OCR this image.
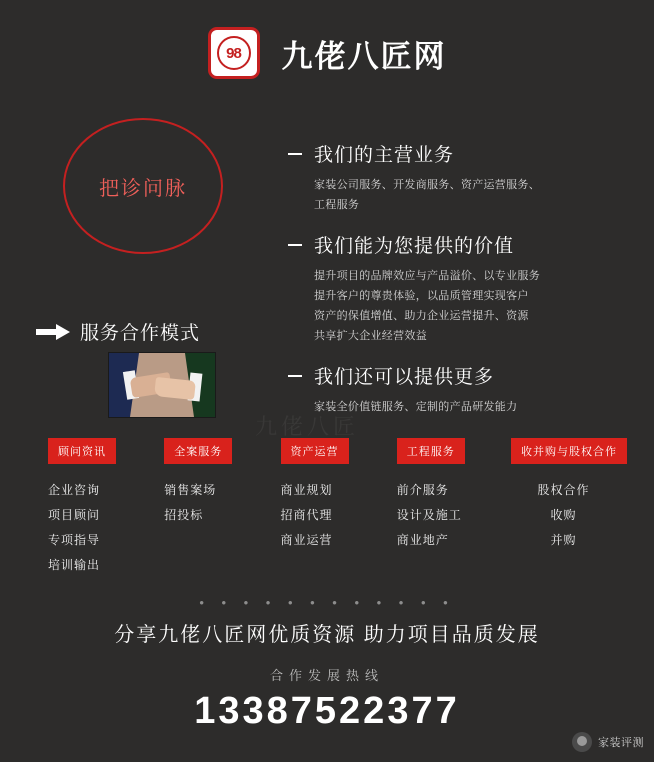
98	九佬八匠网
把诊问脉
服务合作模式
我们的主营业务

家装公司服务、开发商服务、资产运营服务、

工程服务

我们能为您提供的价值

提升项目的品牌效应与产品溢价、以专业服务

提升客户的尊贵体验，以品质管理实现客户

资产的保值增值、助力企业运营提升、资源

共享扩大企业经营效益

我们还可以提供更多

家装全价值链服务、定制的产品研发能力

九佬八匠
顾问资讯
企业咨询
项目顾问
专项指导
培训输出
全案服务
销售案场
招投标
资产运营
商业规划
招商代理
商业运营
工程服务
前介服务
设计及施工
商业地产
收并购与股权合作
股权合作
收购
并购
• • • • • • • • • • • •
分享九佬八匠网优质资源 助力项目品质发展
合作发展热线
13387522377
家装评测
